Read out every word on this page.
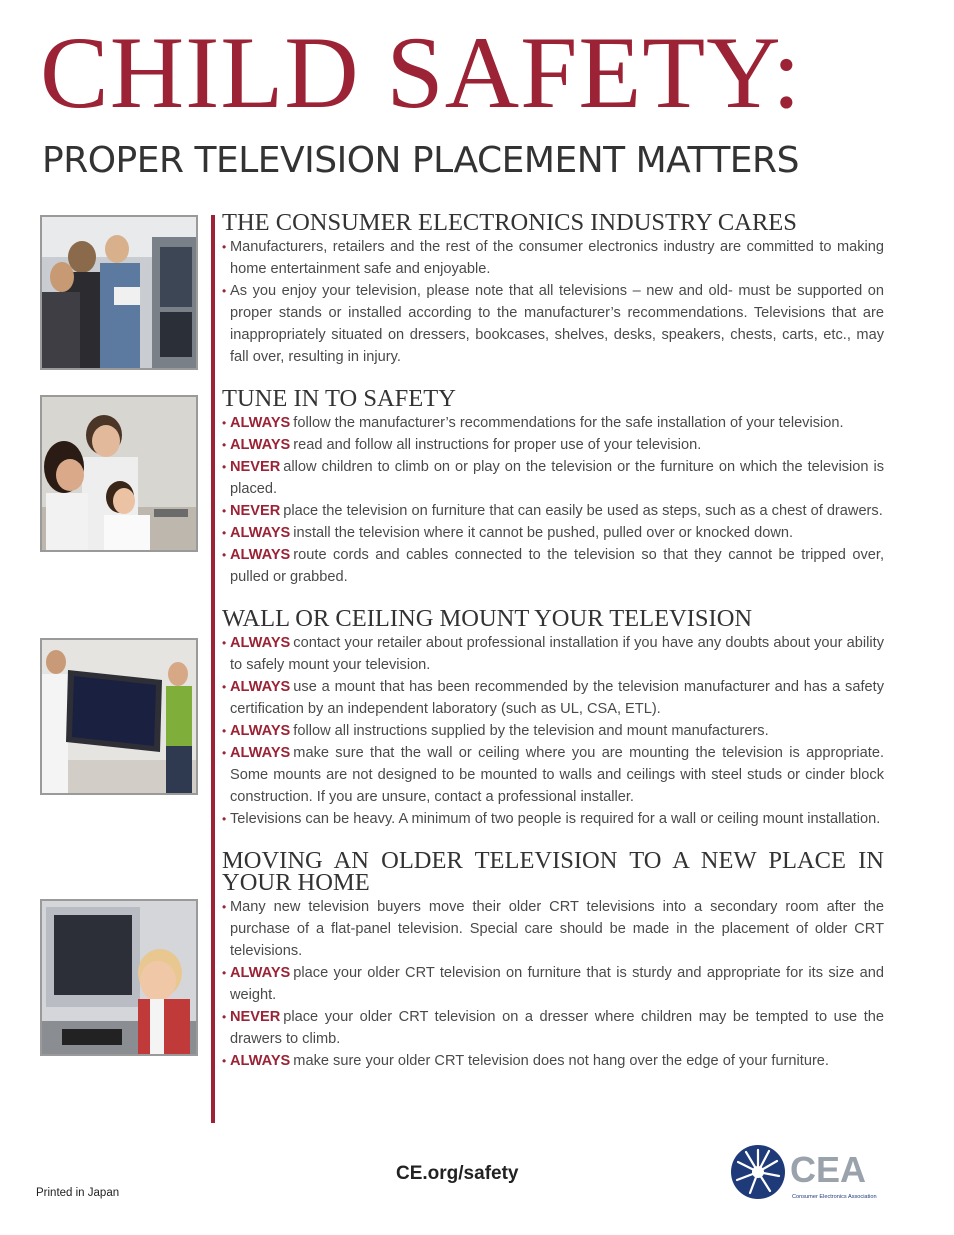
CHILD SAFETY:
PROPER TELEVISION PLACEMENT MATTERS
THE CONSUMER ELECTRONICS INDUSTRY CARES
• Manufacturers, retailers and the rest of the consumer electronics industry are committed to making home entertainment safe and enjoyable.
• As you enjoy your television, please note that all televisions – new and old- must be supported on proper stands or installed according to the manufacturer’s recommendations. Televisions that are inappropriately situated on dressers, bookcases, shelves, desks, speakers, chests, carts, etc., may fall over, resulting in injury.
TUNE IN TO SAFETY
• ALWAYS follow the manufacturer’s recommendations for the safe installation of your television.
• ALWAYS read and follow all instructions for proper use of your television.
• NEVER allow children to climb on or play on the television or the furniture on which the television is placed.
• NEVER place the television on furniture that can easily be used as steps, such as a chest of drawers.
• ALWAYS install the television where it cannot be pushed, pulled over or knocked down.
• ALWAYS route cords and cables connected to the television so that they cannot be tripped over, pulled or grabbed.
WALL OR CEILING MOUNT YOUR TELEVISION
• ALWAYS contact your retailer about professional installation if you have any doubts about your ability to safely mount your television.
• ALWAYS use a mount that has been recommended by the television manufacturer and has a safety certification by an independent laboratory (such as UL, CSA, ETL).
• ALWAYS follow all instructions supplied by the television and mount manufacturers.
• ALWAYS make sure that the wall or ceiling where you are mounting the television is appropriate. Some mounts are not designed to be mounted to walls and ceilings with steel studs or cinder block construction. If you are unsure, contact a professional installer.
• Televisions can be heavy. A minimum of two people is required for a wall or ceiling mount installation.
MOVING AN OLDER TELEVISION TO A NEW PLACE IN YOUR HOME
• Many new television buyers move their older CRT televisions into a secondary room after the purchase of a flat-panel television. Special care should be made in the placement of older CRT televisions.
• ALWAYS place your older CRT television on furniture that is sturdy and appropriate for its size and weight.
• NEVER place your older CRT television on a dresser where children may be tempted to use the drawers to climb.
• ALWAYS make sure your older CRT television does not hang over the edge of your furniture.

CE.org/safety

Printed in Japan

CEA
Consumer Electronics Association
